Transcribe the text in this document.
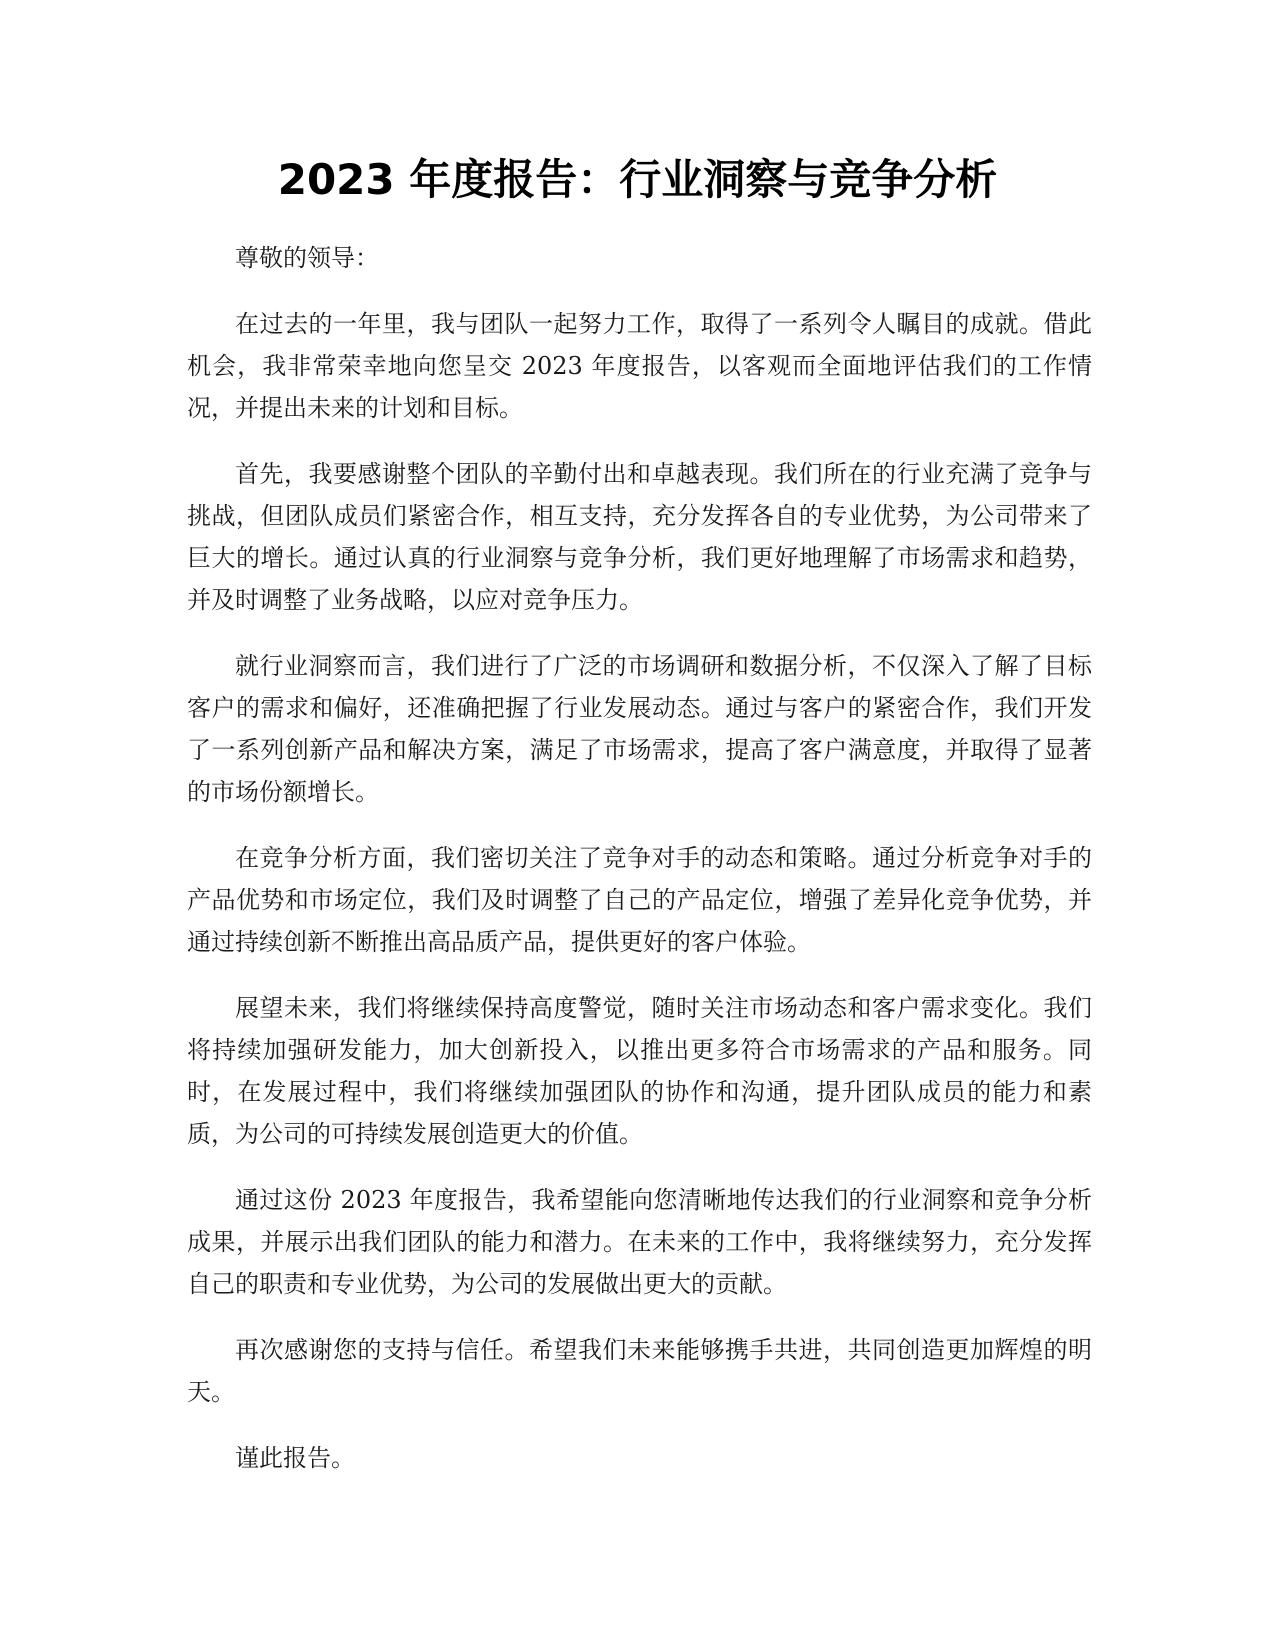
2023 年度报告：行业洞察与竞争分析

尊敬的领导：

在过去的一年里，我与团队一起努力工作，取得了一系列令人瞩目的成就。借此机会，我非常荣幸地向您呈交 2023 年度报告，以客观而全面地评估我们的工作情况，并提出未来的计划和目标。

首先，我要感谢整个团队的辛勤付出和卓越表现。我们所在的行业充满了竞争与挑战，但团队成员们紧密合作，相互支持，充分发挥各自的专业优势，为公司带来了巨大的增长。通过认真的行业洞察与竞争分析，我们更好地理解了市场需求和趋势，并及时调整了业务战略，以应对竞争压力。

就行业洞察而言，我们进行了广泛的市场调研和数据分析，不仅深入了解了目标客户的需求和偏好，还准确把握了行业发展动态。通过与客户的紧密合作，我们开发了一系列创新产品和解决方案，满足了市场需求，提高了客户满意度，并取得了显著的市场份额增长。

在竞争分析方面，我们密切关注了竞争对手的动态和策略。通过分析竞争对手的产品优势和市场定位，我们及时调整了自己的产品定位，增强了差异化竞争优势，并通过持续创新不断推出高品质产品，提供更好的客户体验。

展望未来，我们将继续保持高度警觉，随时关注市场动态和客户需求变化。我们将持续加强研发能力，加大创新投入，以推出更多符合市场需求的产品和服务。同时，在发展过程中，我们将继续加强团队的协作和沟通，提升团队成员的能力和素质，为公司的可持续发展创造更大的价值。

通过这份 2023 年度报告，我希望能向您清晰地传达我们的行业洞察和竞争分析成果，并展示出我们团队的能力和潜力。在未来的工作中，我将继续努力，充分发挥自己的职责和专业优势，为公司的发展做出更大的贡献。

再次感谢您的支持与信任。希望我们未来能够携手共进，共同创造更加辉煌的明天。

谨此报告。
